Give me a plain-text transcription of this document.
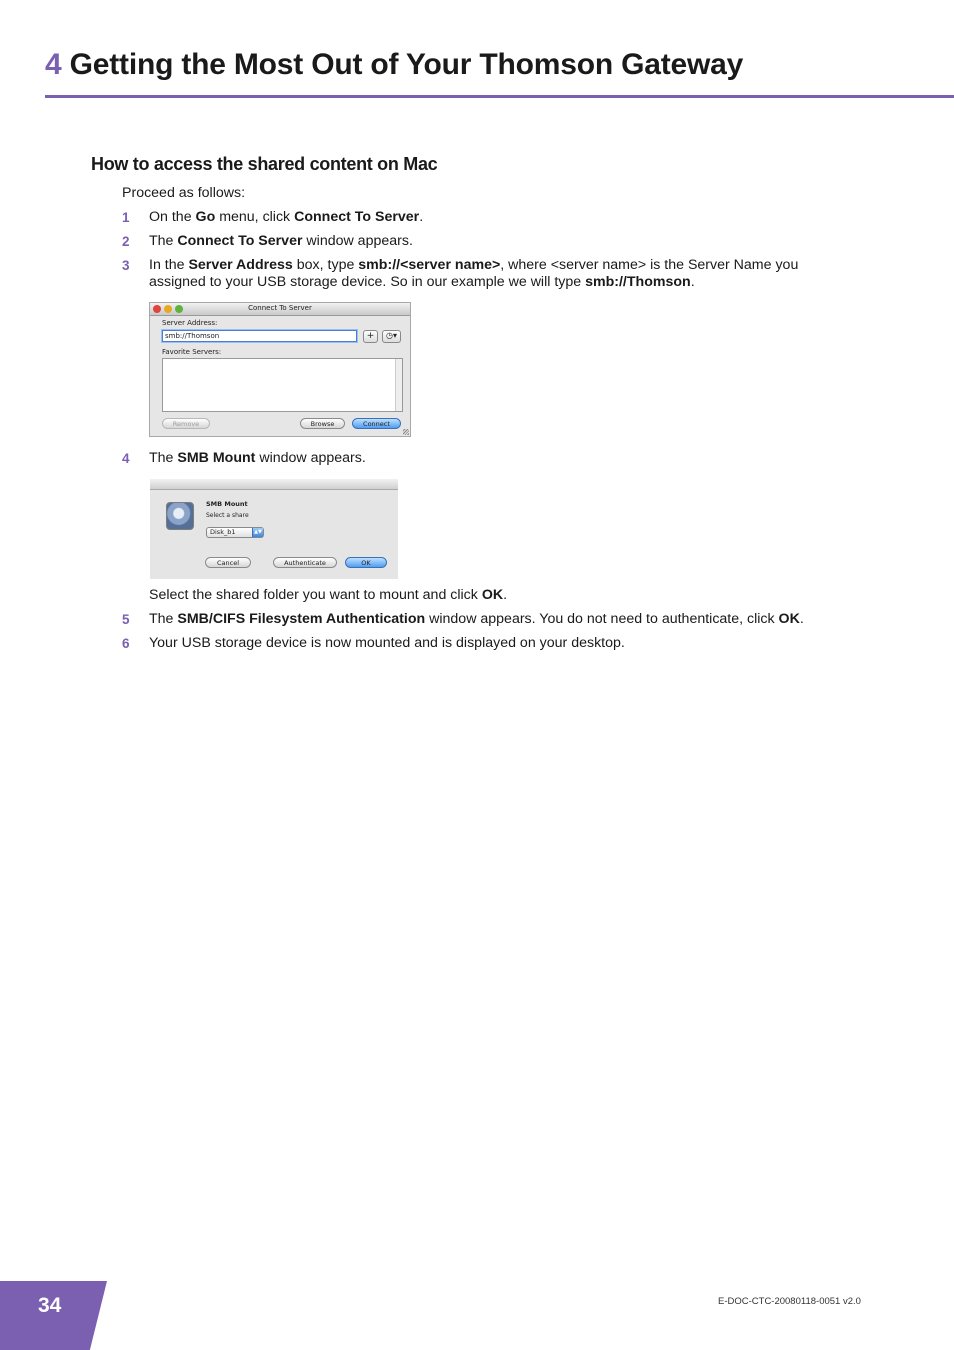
4 Getting the Most Out of Your Thomson Gateway
How to access the shared content on Mac
Proceed as follows:
1 On the Go menu, click Connect To Server.
2 The Connect To Server window appears.
3 In the Server Address box, type smb://<server name>, where <server name> is the Server Name you
assigned to your USB storage device. So in our example we will type smb://Thomson.
Connect To Server
Server Address:
smb://Thomson	+	◷▾
Favorite Servers:
Remove	Browse	Connect
4 The SMB Mount window appears.
SMB Mount
Select a share
Disk_b1	▲▼
Cancel	Authenticate	OK
Select the shared folder you want to mount and click OK.
5 The SMB/CIFS Filesystem Authentication window appears. You do not need to authenticate, click OK.
6 Your USB storage device is now mounted and is displayed on your desktop.
34	E-DOC-CTC-20080118-0051 v2.0
